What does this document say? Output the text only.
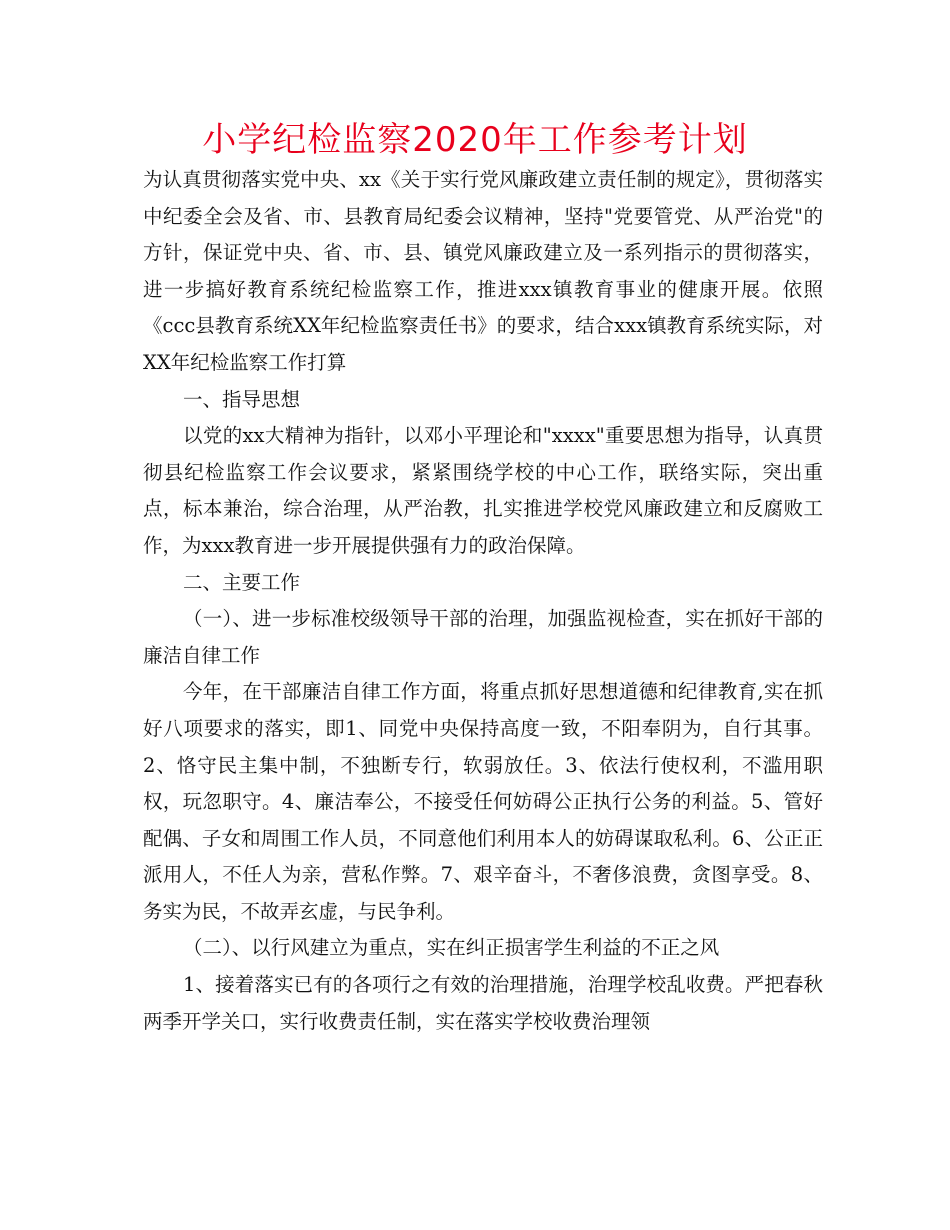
小学纪检监察2020年工作参考计划

为认真贯彻落实党中央、xx《关于实行党风廉政建立责任制的规定》，贯彻落实中纪委全会及省、市、县教育局纪委会议精神，坚持"党要管党、从严治党"的方针，保证党中央、省、市、县、镇党风廉政建立及一系列指示的贯彻落实，进一步搞好教育系统纪检监察工作，推进xxx镇教育事业的健康开展。依照《ccc县教育系统XX年纪检监察责任书》的要求，结合xxx镇教育系统实际，对XX年纪检监察工作打算

一、指导思想

以党的xx大精神为指针，以邓小平理论和"xxxx"重要思想为指导，认真贯彻县纪检监察工作会议要求，紧紧围绕学校的中心工作，联络实际，突出重点，标本兼治，综合治理，从严治教，扎实推进学校党风廉政建立和反腐败工作，为xxx教育进一步开展提供强有力的政治保障。

二、主要工作

（一）、进一步标准校级领导干部的治理，加强监视检查，实在抓好干部的廉洁自律工作

今年，在干部廉洁自律工作方面，将重点抓好思想道德和纪律教育,实在抓好八项要求的落实，即1、同党中央保持高度一致，不阳奉阴为，自行其事。2、恪守民主集中制，不独断专行，软弱放任。3、依法行使权利，不滥用职权，玩忽职守。4、廉洁奉公，不接受任何妨碍公正执行公务的利益。5、管好配偶、子女和周围工作人员，不同意他们利用本人的妨碍谋取私利。6、公正正派用人，不任人为亲，营私作弊。7、艰辛奋斗，不奢侈浪费，贪图享受。8、务实为民，不故弄玄虚，与民争利。

（二）、以行风建立为重点，实在纠正损害学生利益的不正之风

1、接着落实已有的各项行之有效的治理措施，治理学校乱收费。严把春秋两季开学关口，实行收费责任制，实在落实学校收费治理领
